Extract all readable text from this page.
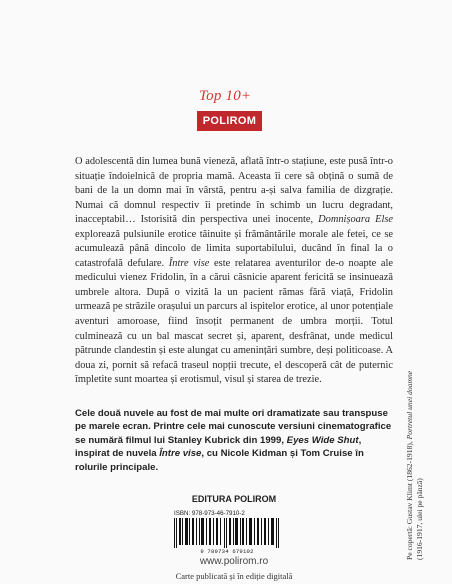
Top 10+
POLIROM

O adolescentă din lumea bună vieneză, aflată într-o stațiune, este pusă într-o situație îndoielnică de propria mamă. Aceasta îi cere să obțină o sumă de bani de la un domn mai în vârstă, pentru a-și salva familia de dizgrație. Numai că domnul respectiv îi pretinde în schimb un lucru degradant, inacceptabil… Istorisită din perspectiva unei inocente, Domnișoara Else explorează pulsiunile erotice tăinuite și frământările morale ale fetei, ce se acumulează până dincolo de limita suportabilului, ducând în final la o catastrofală defulare. Între vise este relatarea aventurilor de-o noapte ale medicului vienez Fridolin, în a cărui căsnicie aparent fericită se insinuează umbrele altora. După o vizită la un pacient rămas fără viață, Fridolin urmează pe străzile orașului un parcurs al ispitelor erotice, al unor potențiale aventuri amoroase, fiind însoțit permanent de umbra morții. Totul culminează cu un bal mascat secret și, aparent, desfrânat, unde medicul pătrunde clandestin și este alungat cu amenințări sumbre, deși politicoase. A doua zi, pornit să refacă traseul nopții trecute, el descoperă cât de puternic împletite sunt moartea și erotismul, visul și starea de trezie.

Cele două nuvele au fost de mai multe ori dramatizate sau transpuse pe marele ecran. Printre cele mai cunoscute versiuni cinematografice se numără filmul lui Stanley Kubrick din 1999, Eyes Wide Shut, inspirat de nuvela Între vise, cu Nicole Kidman și Tom Cruise în rolurile principale.

EDITURA POLIROM
ISBN: 978-973-46-7910-2
9 789734 679102
www.polirom.ro
Carte publicată și în ediție digitală
Pe copertă: Gustav Klimt (1862-1918), Portretul unei doamne
(1916-1917, ulei pe pânză)
